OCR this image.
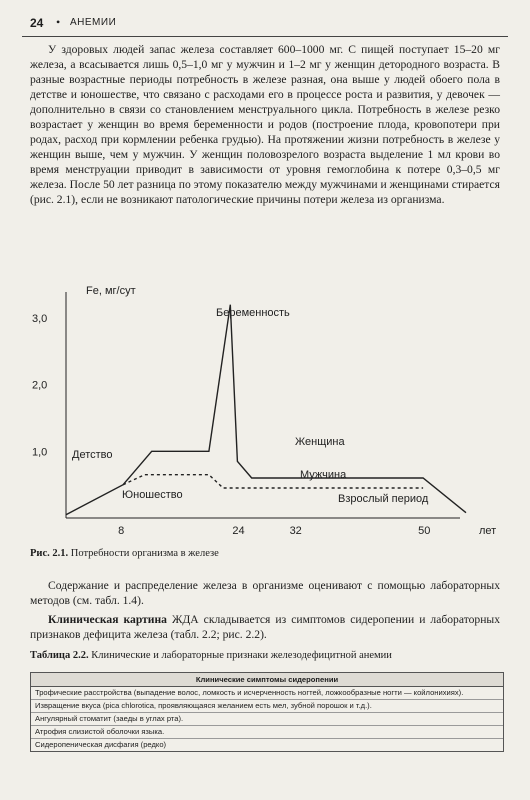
24 • АНЕМИИ

У здоровых людей запас железа составляет 600–1000 мг. С пищей поступает 15–20 мг железа, а всасывается лишь 0,5–1,0 мг у мужчин и 1–2 мг у женщин детородного возраста. В разные возрастные периоды потребность в железе разная, она выше у людей обоего пола в детстве и юношестве, что связано с расходами его в процессе роста и развития, у девочек — дополнительно в связи со становлением менструального цикла. Потребность в железе резко возрастает у женщин во время беременности и родов (построение плода, кровопотери при родах, расход при кормлении ребенка грудью). На протяжении жизни потребность в железе у женщин выше, чем у мужчин. У женщин половозрелого возраста выделение 1 мл крови во время менструации приводит в зависимости от уровня гемоглобина к потере 0,3–0,5 мг железа. После 50 лет разница по этому показателю между мужчинами и женщинами стирается (рис. 2.1), если не возникают патологические причины потери железа из организма.

Fe, мг/сут
лет
1,0
2,0
3,0
8	24	32	50
Детство
Юношество
Беременность
Женщина
Мужчина
Взрослый период
Рис. 2.1. Потребности организма в железе

Содержание и распределение железа в организме оценивают с помощью лабораторных методов (см. табл. 1.4).

Клиническая картина ЖДА складывается из симптомов сидеропении и лабораторных признаков дефицита железа (табл. 2.2; рис. 2.2).

Таблица 2.2. Клинические и лабораторные признаки железодефицитной анемии
Клинические симптомы сидеропении
Трофические расстройства (выпадение волос, ломкость и исчерченность ногтей, ложкообразные ногти — койлонихиях).
Извращение вкуса (pica chlorotica, проявляющаяся желанием есть мел, зубной порошок и т.д.).
Ангулярный стоматит (заеды в углах рта).
Атрофия слизистой оболочки языка.
Сидеропеническая дисфагия (редко)
